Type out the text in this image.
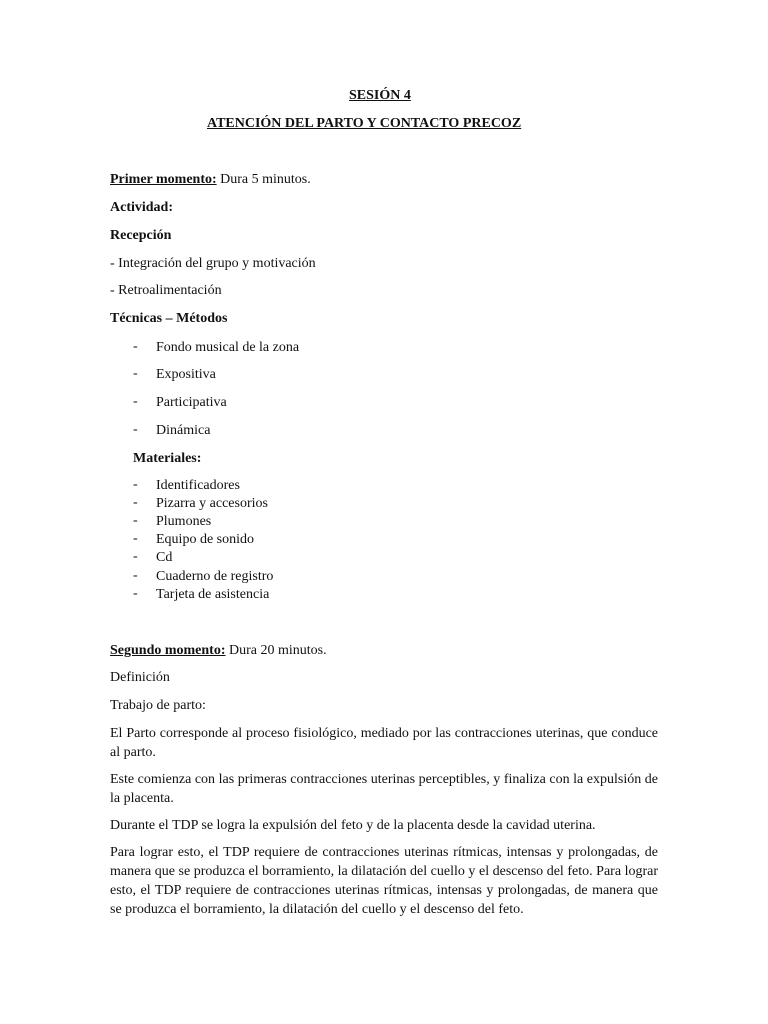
SESIÓN 4
ATENCIÓN DEL PARTO Y CONTACTO PRECOZ
Primer momento: Dura 5 minutos.
Actividad:
Recepción
- Integración del grupo y motivación
- Retroalimentación
Técnicas – Métodos
- Fondo musical de la zona
- Expositiva
- Participativa
- Dinámica
Materiales:
- Identificadores
- Pizarra y accesorios
- Plumones
- Equipo de sonido
- Cd
- Cuaderno de registro
- Tarjeta de asistencia
Segundo momento: Dura 20 minutos.
Definición
Trabajo de parto:
El Parto corresponde al proceso fisiológico, mediado por las contracciones uterinas, que conduce al parto.
Este comienza con las primeras contracciones uterinas perceptibles, y finaliza con la expulsión de la placenta.
Durante el TDP se logra la expulsión del feto y de la placenta desde la cavidad uterina.
Para lograr esto, el TDP requiere de contracciones uterinas rítmicas, intensas y prolongadas, de manera que se produzca el borramiento, la dilatación del cuello y el descenso del feto. Para lograr esto, el TDP requiere de contracciones uterinas rítmicas, intensas y prolongadas, de manera que se produzca el borramiento, la dilatación del cuello y el descenso del feto.
